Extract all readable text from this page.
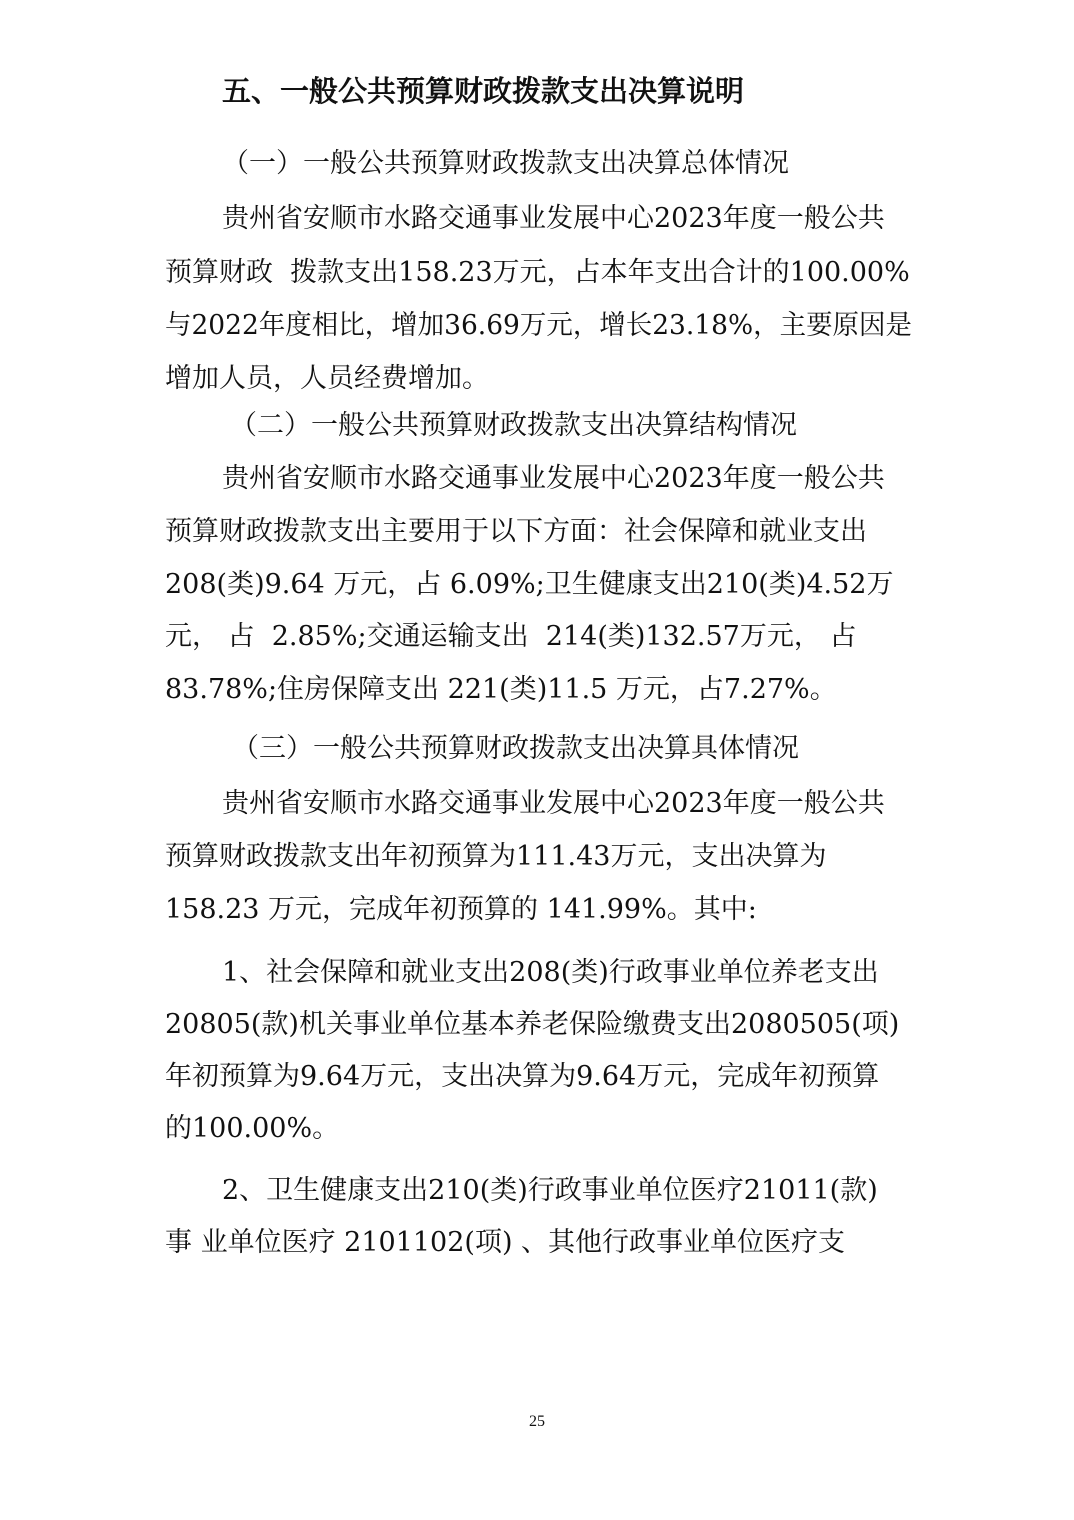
五、一般公共预算财政拨款支出决算说明
（一）一般公共预算财政拨款支出决算总体情况
贵州省安顺市水路交通事业发展中心2023年度一般公共
预算财政  拨款支出158.23万元，占本年支出合计的100.00%
与2022年度相比，增加36.69万元，增长23.18%，主要原因是
增加人员，人员经费增加。
（二）一般公共预算财政拨款支出决算结构情况
贵州省安顺市水路交通事业发展中心2023年度一般公共
预算财政拨款支出主要用于以下方面：社会保障和就业支出
208(类)9.64 万元，占 6.09%;卫生健康支出210(类)4.52万
元， 占  2.85%;交通运输支出  214(类)132.57万元， 占
83.78%;住房保障支出 221(类)11.5 万元，占7.27%。
（三）一般公共预算财政拨款支出决算具体情况
贵州省安顺市水路交通事业发展中心2023年度一般公共
预算财政拨款支出年初预算为111.43万元，支出决算为
158.23 万元，完成年初预算的 141.99%。其中:
1、社会保障和就业支出208(类)行政事业单位养老支出
20805(款)机关事业单位基本养老保险缴费支出2080505(项)
年初预算为9.64万元，支出决算为9.64万元，完成年初预算
的100.00%。
2、卫生健康支出210(类)行政事业单位医疗21011(款)
事 业单位医疗 2101102(项) 、其他行政事业单位医疗支
25
